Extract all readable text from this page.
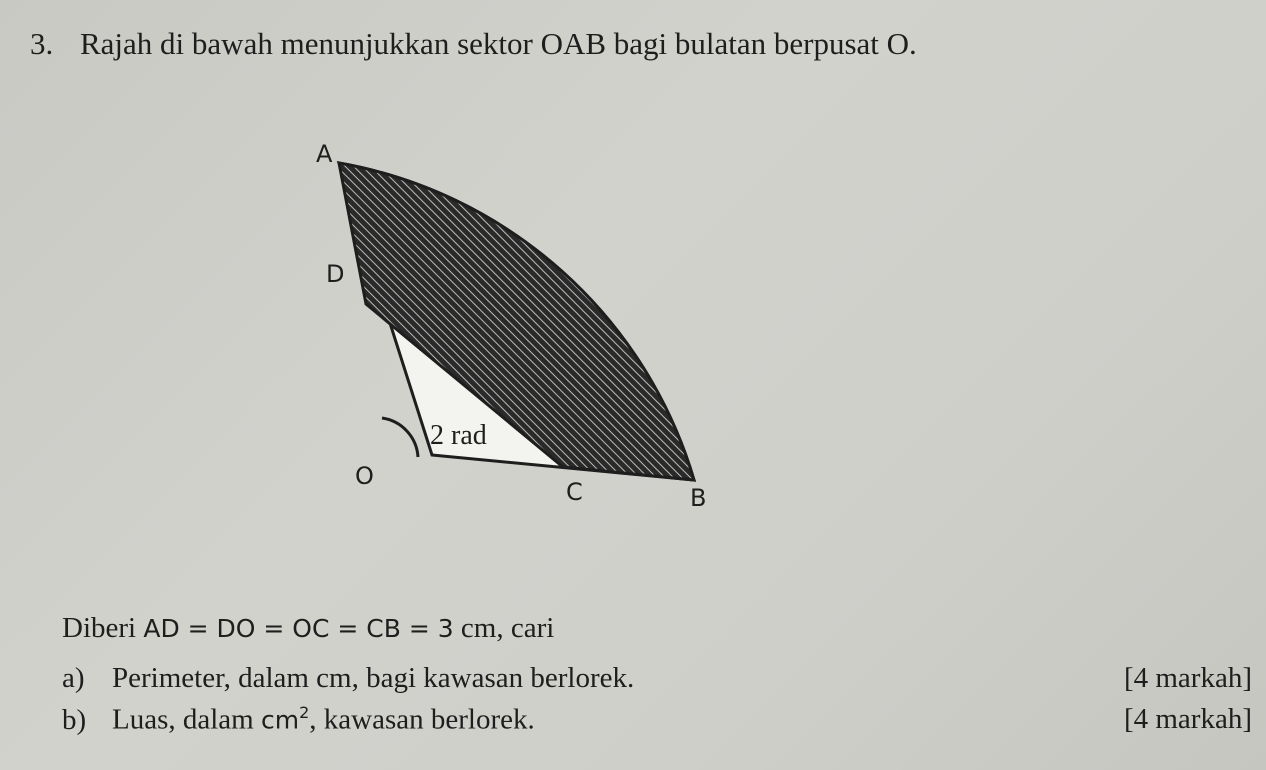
3. Rajah di bawah menunjukkan sektor OAB bagi bulatan berpusat O.
2 rad
A
D
O
C	B
Diberi AD = DO = OC = CB = 3 cm, cari
a) Perimeter, dalam cm, bagi kawasan berlorek.	[4 markah]
b) Luas, dalam $cm^2$, kawasan berlorek.	[4 markah]
